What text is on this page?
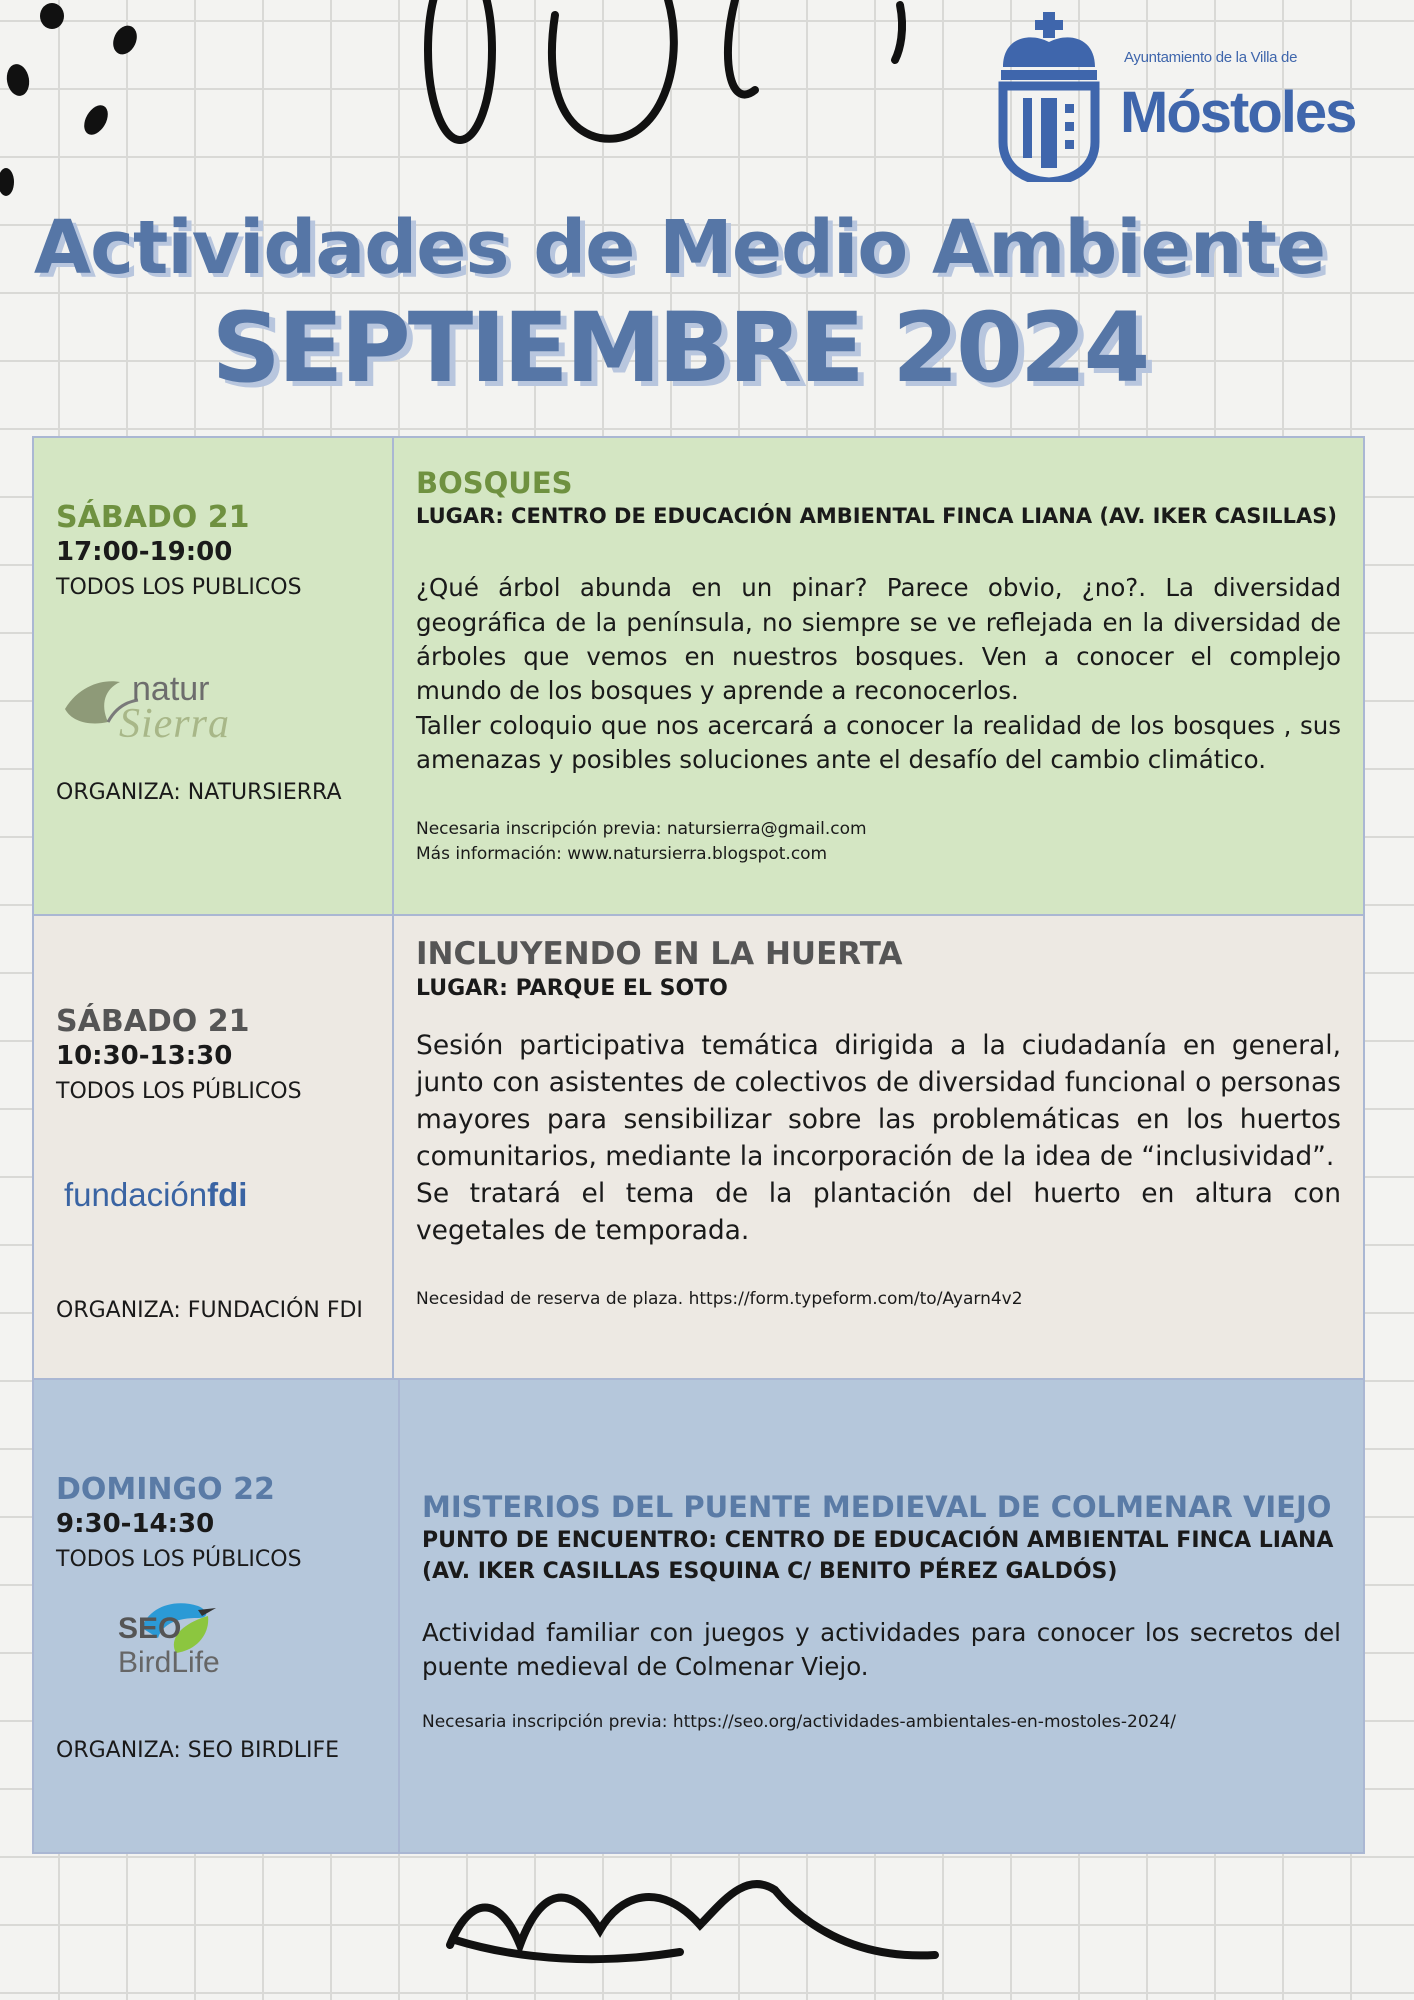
Ayuntamiento de la Villa de
Móstoles
Actividades de Medio Ambiente
SEPTIEMBRE 2024
SÁBADO 21
17:00-19:00
TODOS LOS PUBLICOS
natur
Sierra
ORGANIZA: NATURSIERRA
BOSQUES
LUGAR: CENTRO DE EDUCACIÓN AMBIENTAL FINCA LIANA (AV. IKER CASILLAS)

¿Qué árbol abunda en un pinar? Parece obvio, ¿no?. La diversidad geográfica de la península, no siempre se ve reflejada en la diversidad de árboles que vemos en nuestros bosques. Ven a conocer el complejo mundo de los bosques y aprende a reconocerlos.

Taller coloquio que nos acercará a conocer la realidad de los bosques , sus amenazas y posibles soluciones ante el desafío del cambio climático.

Necesaria inscripción previa: natursierra@gmail.com
Más información: www.natursierra.blogspot.com
SÁBADO 21
10:30-13:30
TODOS LOS PÚBLICOS
fundaciónfdi
ORGANIZA: FUNDACIÓN FDI
INCLUYENDO EN LA HUERTA
LUGAR: PARQUE EL SOTO

Sesión participativa temática dirigida a la ciudadanía en general, junto con asistentes de colectivos de diversidad funcional o personas mayores para sensibilizar sobre las problemáticas en los huertos comunitarios, mediante la incorporación de la idea de “inclusividad”.

Se tratará el tema de la plantación del huerto en altura con vegetales de temporada.

Necesidad de reserva de plaza. https://form.typeform.com/to/Ayarn4v2
DOMINGO 22
9:30-14:30
TODOS LOS PÚBLICOS
SEO
BirdLife
ORGANIZA: SEO BIRDLIFE
MISTERIOS DEL PUENTE MEDIEVAL DE COLMENAR VIEJO
PUNTO DE ENCUENTRO: CENTRO DE EDUCACIÓN AMBIENTAL FINCA LIANA (AV. IKER CASILLAS ESQUINA C/ BENITO PÉREZ GALDÓS)

Actividad familiar con juegos y actividades para conocer los secretos del puente medieval de Colmenar Viejo.

Necesaria inscripción previa: https://seo.org/actividades-ambientales-en-mostoles-2024/
